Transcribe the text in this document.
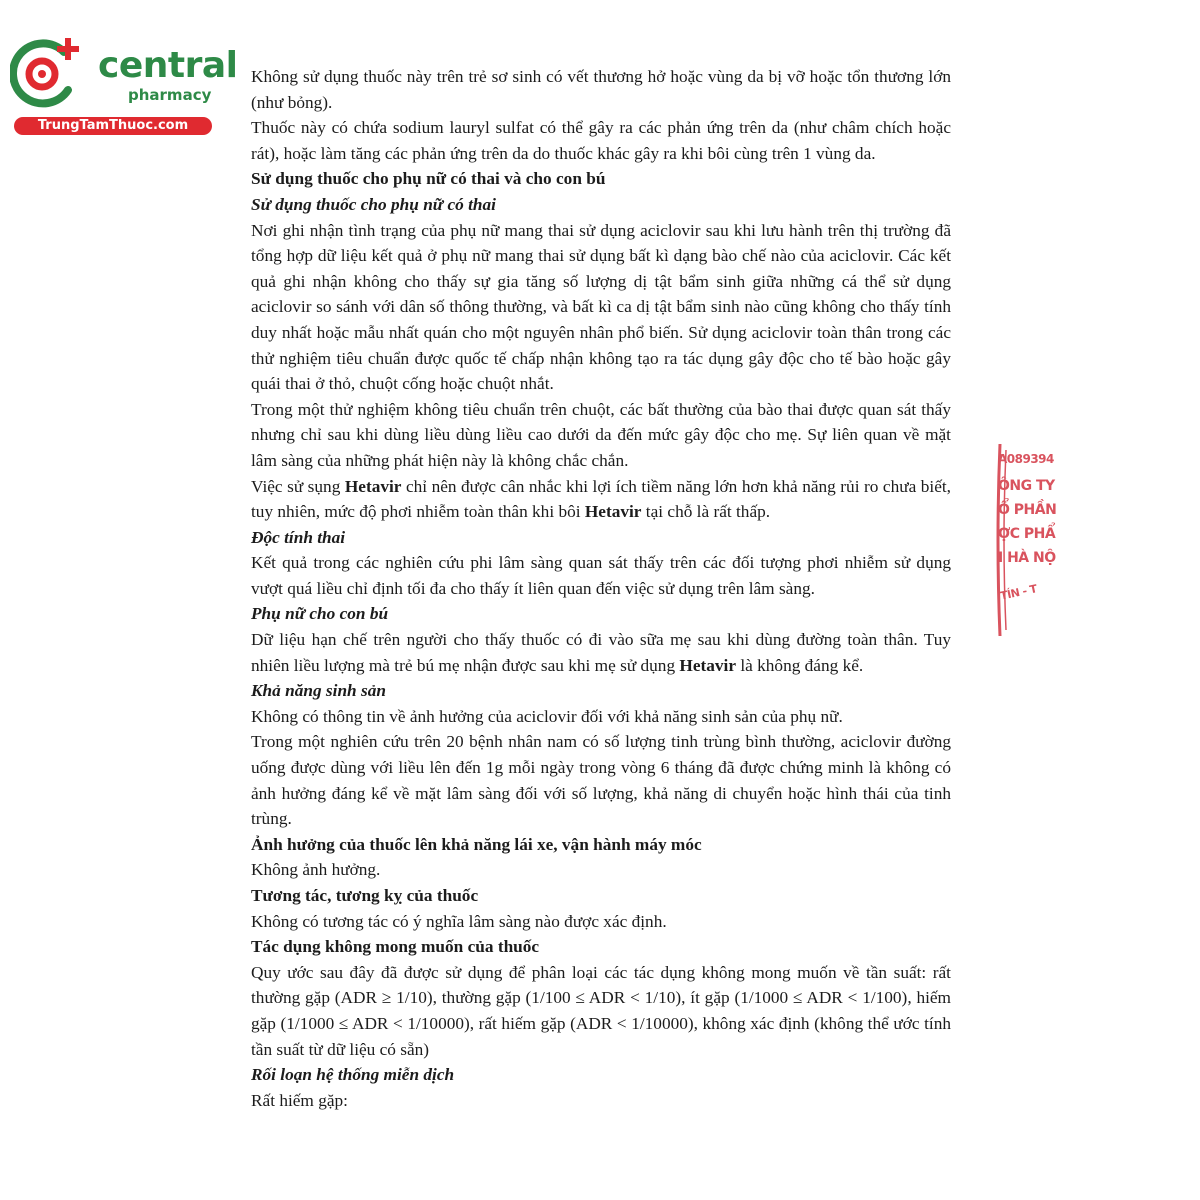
central
pharmacy
TrungTamThuoc.com

Không sử dụng thuốc này trên trẻ sơ sinh có vết thương hở hoặc vùng da bị vỡ hoặc tổn thương lớn (như bỏng).

Thuốc này có chứa sodium lauryl sulfat có thể gây ra các phản ứng trên da (như châm chích hoặc rát), hoặc làm tăng các phản ứng trên da do thuốc khác gây ra khi bôi cùng trên 1 vùng da.

Sử dụng thuốc cho phụ nữ có thai và cho con bú

Sử dụng thuốc cho phụ nữ có thai

Nơi ghi nhận tình trạng của phụ nữ mang thai sử dụng aciclovir sau khi lưu hành trên thị trường đã tổng hợp dữ liệu kết quả ở phụ nữ mang thai sử dụng bất kì dạng bào chế nào của aciclovir. Các kết quả ghi nhận không cho thấy sự gia tăng số lượng dị tật bẩm sinh giữa những cá thể sử dụng aciclovir so sánh với dân số thông thường, và bất kì ca dị tật bẩm sinh nào cũng không cho thấy tính duy nhất hoặc mẫu nhất quán cho một nguyên nhân phổ biến. Sử dụng aciclovir toàn thân trong các thử nghiệm tiêu chuẩn được quốc tế chấp nhận không tạo ra tác dụng gây độc cho tế bào hoặc gây quái thai ở thỏ, chuột cống hoặc chuột nhắt.

Trong một thử nghiệm không tiêu chuẩn trên chuột, các bất thường của bào thai được quan sát thấy nhưng chỉ sau khi dùng liều dùng liều cao dưới da đến mức gây độc cho mẹ. Sự liên quan về mặt lâm sàng của những phát hiện này là không chắc chắn.

Việc sử sụng Hetavir chỉ nên được cân nhắc khi lợi ích tiềm năng lớn hơn khả năng rủi ro chưa biết, tuy nhiên, mức độ phơi nhiễm toàn thân khi bôi Hetavir tại chỗ là rất thấp.

Độc tính thai

Kết quả trong các nghiên cứu phi lâm sàng quan sát thấy trên các đối tượng phơi nhiễm sử dụng vượt quá liều chỉ định tối đa cho thấy ít liên quan đến việc sử dụng trên lâm sàng.

Phụ nữ cho con bú

Dữ liệu hạn chế trên người cho thấy thuốc có đi vào sữa mẹ sau khi dùng đường toàn thân. Tuy nhiên liều lượng mà trẻ bú mẹ nhận được sau khi mẹ sử dụng Hetavir là không đáng kể.

Khả năng sinh sản

Không có thông tin về ảnh hưởng của aciclovir đối với khả năng sinh sản của phụ nữ.

Trong một nghiên cứu trên 20 bệnh nhân nam có số lượng tinh trùng bình thường, aciclovir đường uống được dùng với liều lên đến 1g mỗi ngày trong vòng 6 tháng đã được chứng minh là không có ảnh hưởng đáng kể về mặt lâm sàng đối với số lượng, khả năng di chuyển hoặc hình thái của tinh trùng.

Ảnh hưởng của thuốc lên khả năng lái xe, vận hành máy móc

Không ảnh hưởng.

Tương tác, tương kỵ của thuốc

Không có tương tác có ý nghĩa lâm sàng nào được xác định.

Tác dụng không mong muốn của thuốc

Quy ước sau đây đã được sử dụng để phân loại các tác dụng không mong muốn về tần suất: rất thường gặp (ADR ≥ 1/10), thường gặp (1/100 ≤ ADR < 1/10), ít gặp (1/1000 ≤ ADR < 1/100), hiếm gặp (1/1000 ≤ ADR < 1/10000), rất hiếm gặp (ADR < 1/10000), không xác định (không thể ước tính tần suất từ dữ liệu có sẵn)

Rối loạn hệ thống miễn dịch

Rất hiếm gặp:

A089394
ÔNG TY
Ổ PHẦN
ỢC PHẨ
I HÀ NỘ
TÍN - T
